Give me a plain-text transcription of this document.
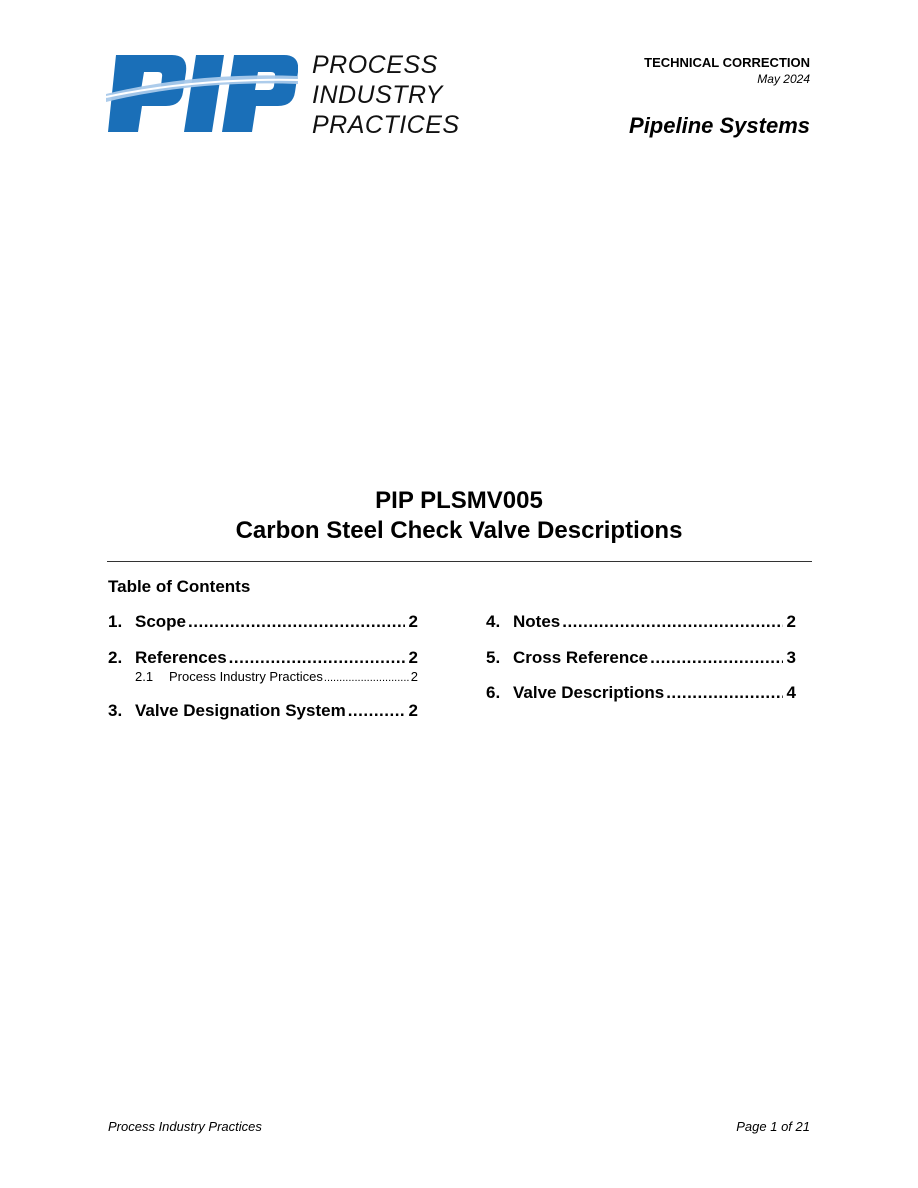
PROCESS
INDUSTRY
PRACTICES
TECHNICAL CORRECTION
May 2024
Pipeline Systems
PIP PLSMV005
Carbon Steel Check Valve Descriptions
Table of Contents
1. Scope .....	2
2. References .....	2
2.1	Process Industry Practices .....	2
3. Valve Designation System .....	2
4. Notes .....	2
5. Cross Reference .....	3
6. Valve Descriptions .....	4
Process Industry Practices	Page 1 of 21
